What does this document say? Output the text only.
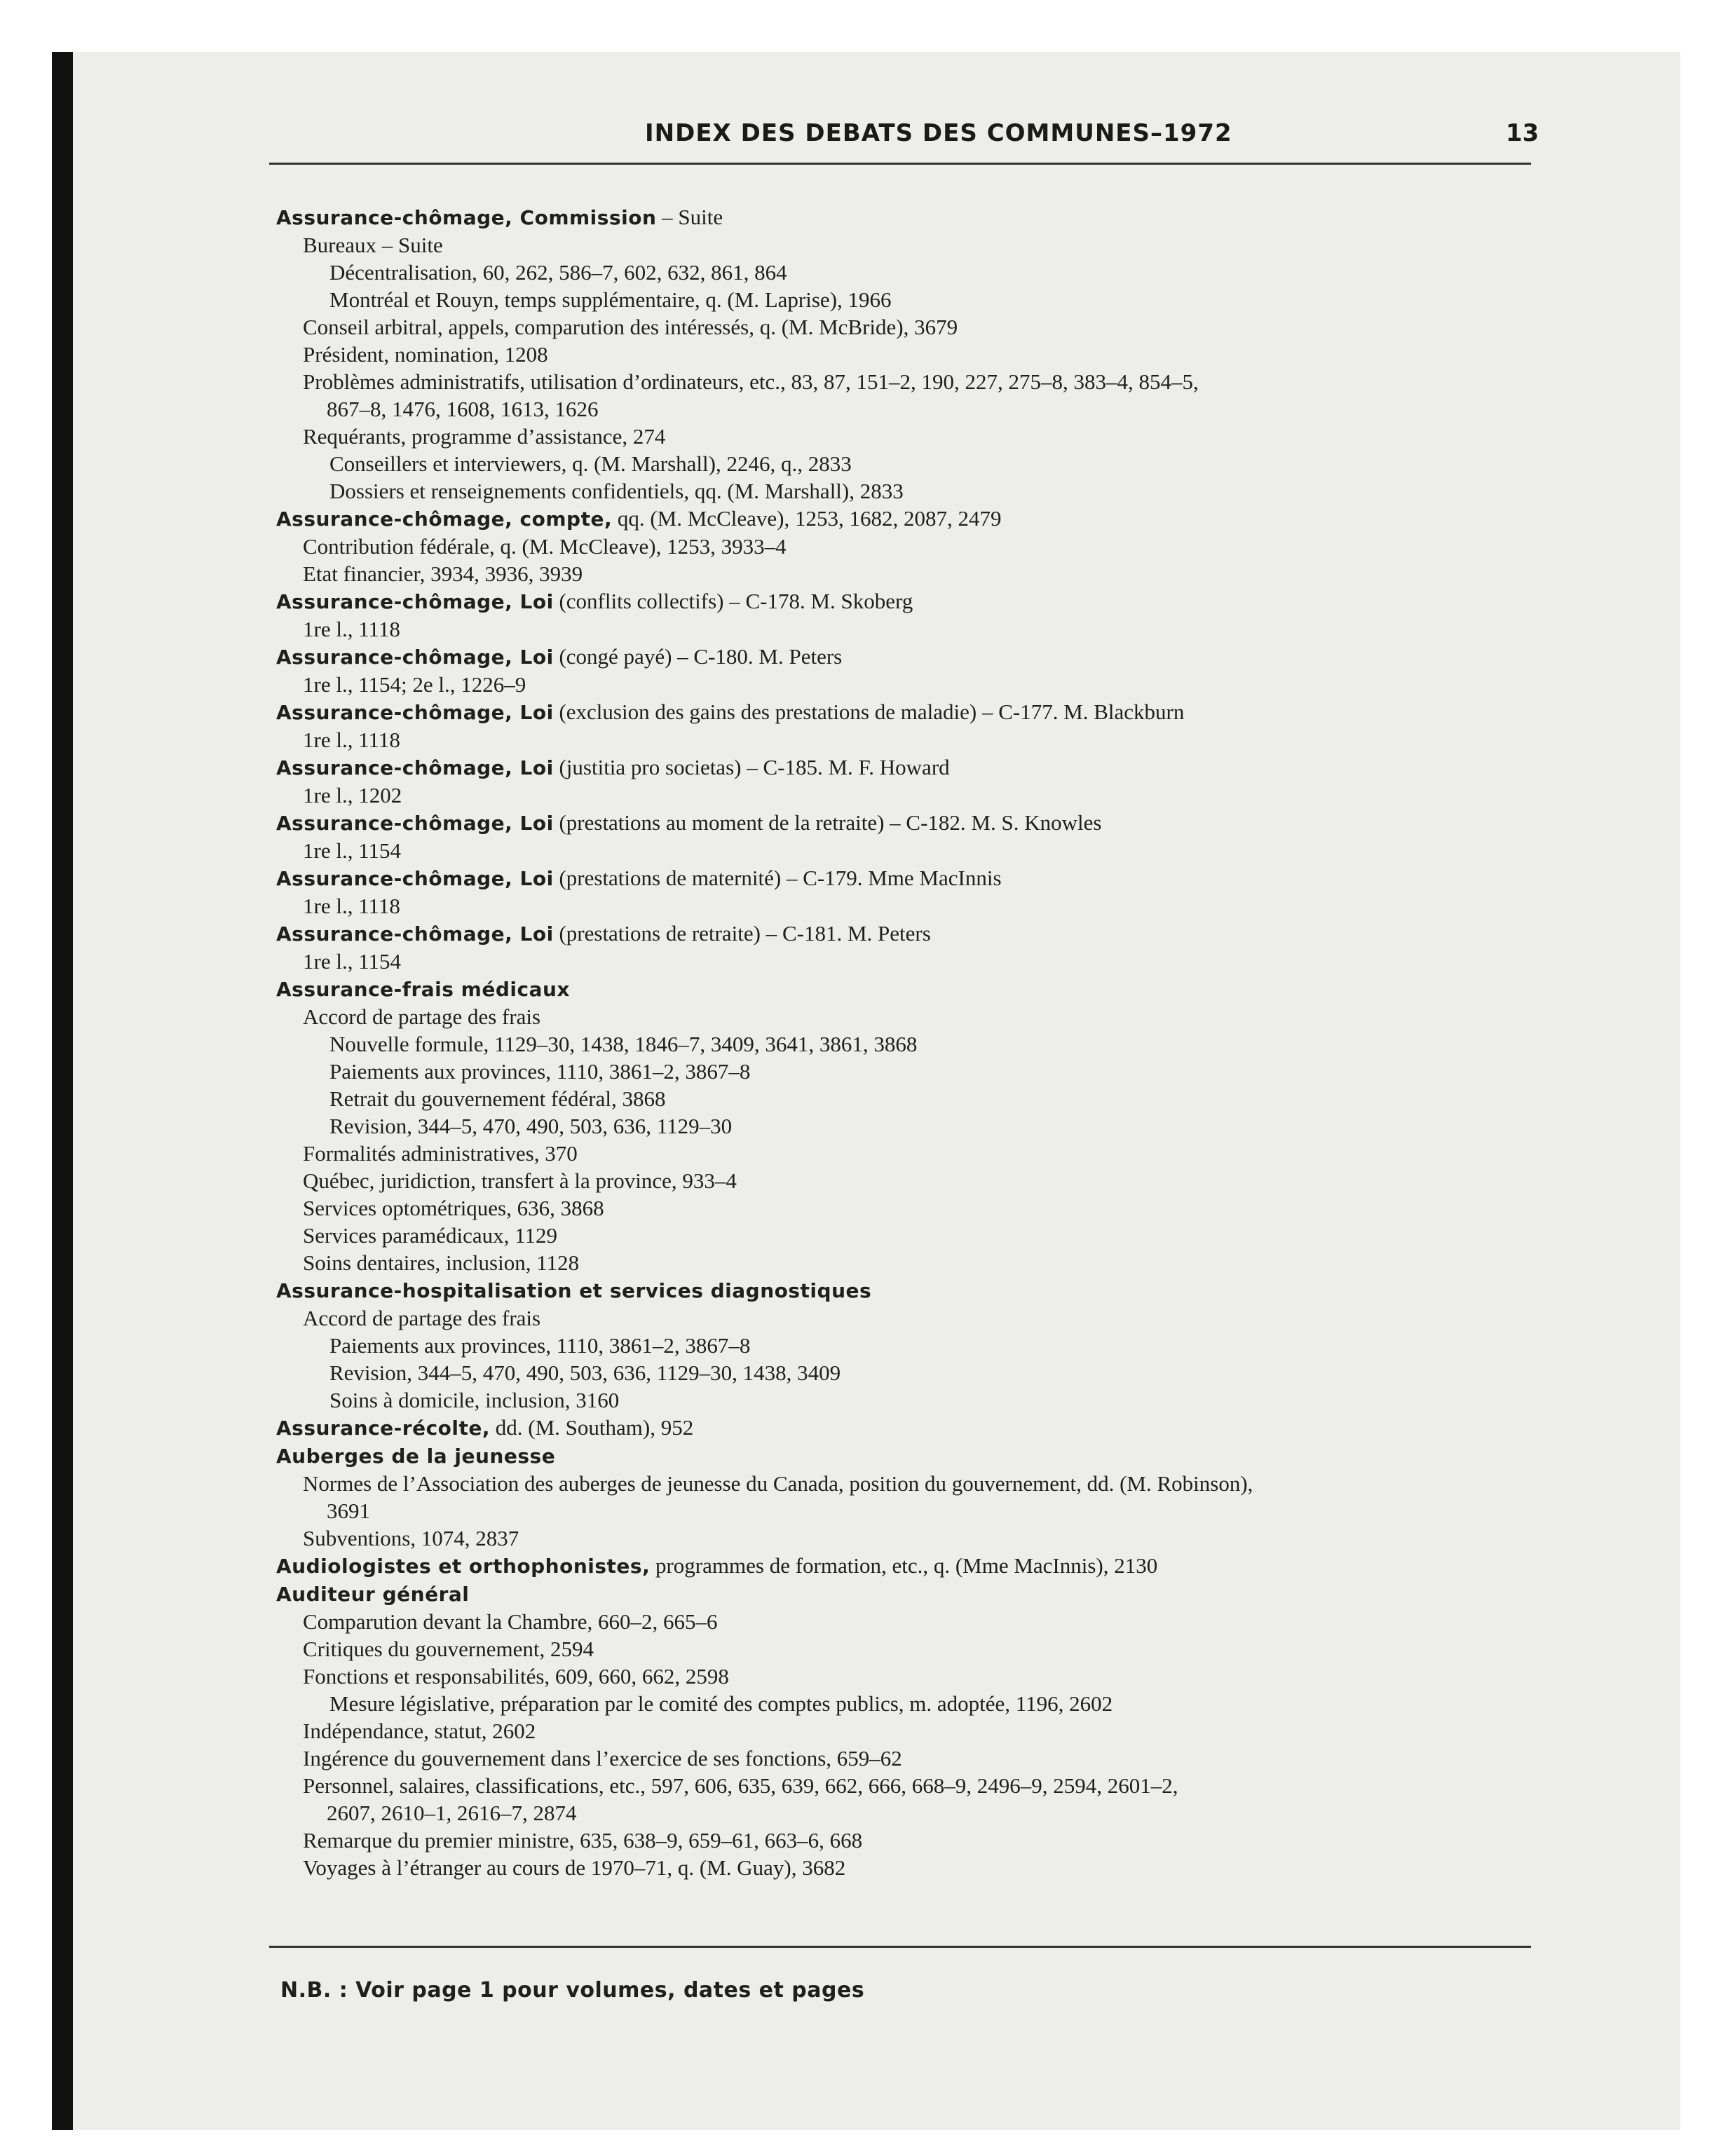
INDEX DES DEBATS DES COMMUNES–1972	13
Assurance-chômage, Commission – Suite
Bureaux – Suite
Décentralisation, 60, 262, 586–7, 602, 632, 861, 864
Montréal et Rouyn, temps supplémentaire, q. (M. Laprise), 1966
Conseil arbitral, appels, comparution des intéressés, q. (M. McBride), 3679
Président, nomination, 1208
Problèmes administratifs, utilisation d’ordinateurs, etc., 83, 87, 151–2, 190, 227, 275–8, 383–4, 854–5,
867–8, 1476, 1608, 1613, 1626
Requérants, programme d’assistance, 274
Conseillers et interviewers, q. (M. Marshall), 2246, q., 2833
Dossiers et renseignements confidentiels, qq. (M. Marshall), 2833
Assurance-chômage, compte, qq. (M. McCleave), 1253, 1682, 2087, 2479
Contribution fédérale, q. (M. McCleave), 1253, 3933–4
Etat financier, 3934, 3936, 3939
Assurance-chômage, Loi (conflits collectifs) – C-178. M. Skoberg
1re l., 1118
Assurance-chômage, Loi (congé payé) – C-180. M. Peters
1re l., 1154; 2e l., 1226–9
Assurance-chômage, Loi (exclusion des gains des prestations de maladie) – C-177. M. Blackburn
1re l., 1118
Assurance-chômage, Loi (justitia pro societas) – C-185. M. F. Howard
1re l., 1202
Assurance-chômage, Loi (prestations au moment de la retraite) – C-182. M. S. Knowles
1re l., 1154
Assurance-chômage, Loi (prestations de maternité) – C-179. Mme MacInnis
1re l., 1118
Assurance-chômage, Loi (prestations de retraite) – C-181. M. Peters
1re l., 1154
Assurance-frais médicaux
Accord de partage des frais
Nouvelle formule, 1129–30, 1438, 1846–7, 3409, 3641, 3861, 3868
Paiements aux provinces, 1110, 3861–2, 3867–8
Retrait du gouvernement fédéral, 3868
Revision, 344–5, 470, 490, 503, 636, 1129–30
Formalités administratives, 370
Québec, juridiction, transfert à la province, 933–4
Services optométriques, 636, 3868
Services paramédicaux, 1129
Soins dentaires, inclusion, 1128
Assurance-hospitalisation et services diagnostiques
Accord de partage des frais
Paiements aux provinces, 1110, 3861–2, 3867–8
Revision, 344–5, 470, 490, 503, 636, 1129–30, 1438, 3409
Soins à domicile, inclusion, 3160
Assurance-récolte, dd. (M. Southam), 952
Auberges de la jeunesse
Normes de l’Association des auberges de jeunesse du Canada, position du gouvernement, dd. (M. Robinson),
3691
Subventions, 1074, 2837
Audiologistes et orthophonistes, programmes de formation, etc., q. (Mme MacInnis), 2130
Auditeur général
Comparution devant la Chambre, 660–2, 665–6
Critiques du gouvernement, 2594
Fonctions et responsabilités, 609, 660, 662, 2598
Mesure législative, préparation par le comité des comptes publics, m. adoptée, 1196, 2602
Indépendance, statut, 2602
Ingérence du gouvernement dans l’exercice de ses fonctions, 659–62
Personnel, salaires, classifications, etc., 597, 606, 635, 639, 662, 666, 668–9, 2496–9, 2594, 2601–2,
2607, 2610–1, 2616–7, 2874
Remarque du premier ministre, 635, 638–9, 659–61, 663–6, 668
Voyages à l’étranger au cours de 1970–71, q. (M. Guay), 3682
N.B. : Voir page 1 pour volumes, dates et pages
